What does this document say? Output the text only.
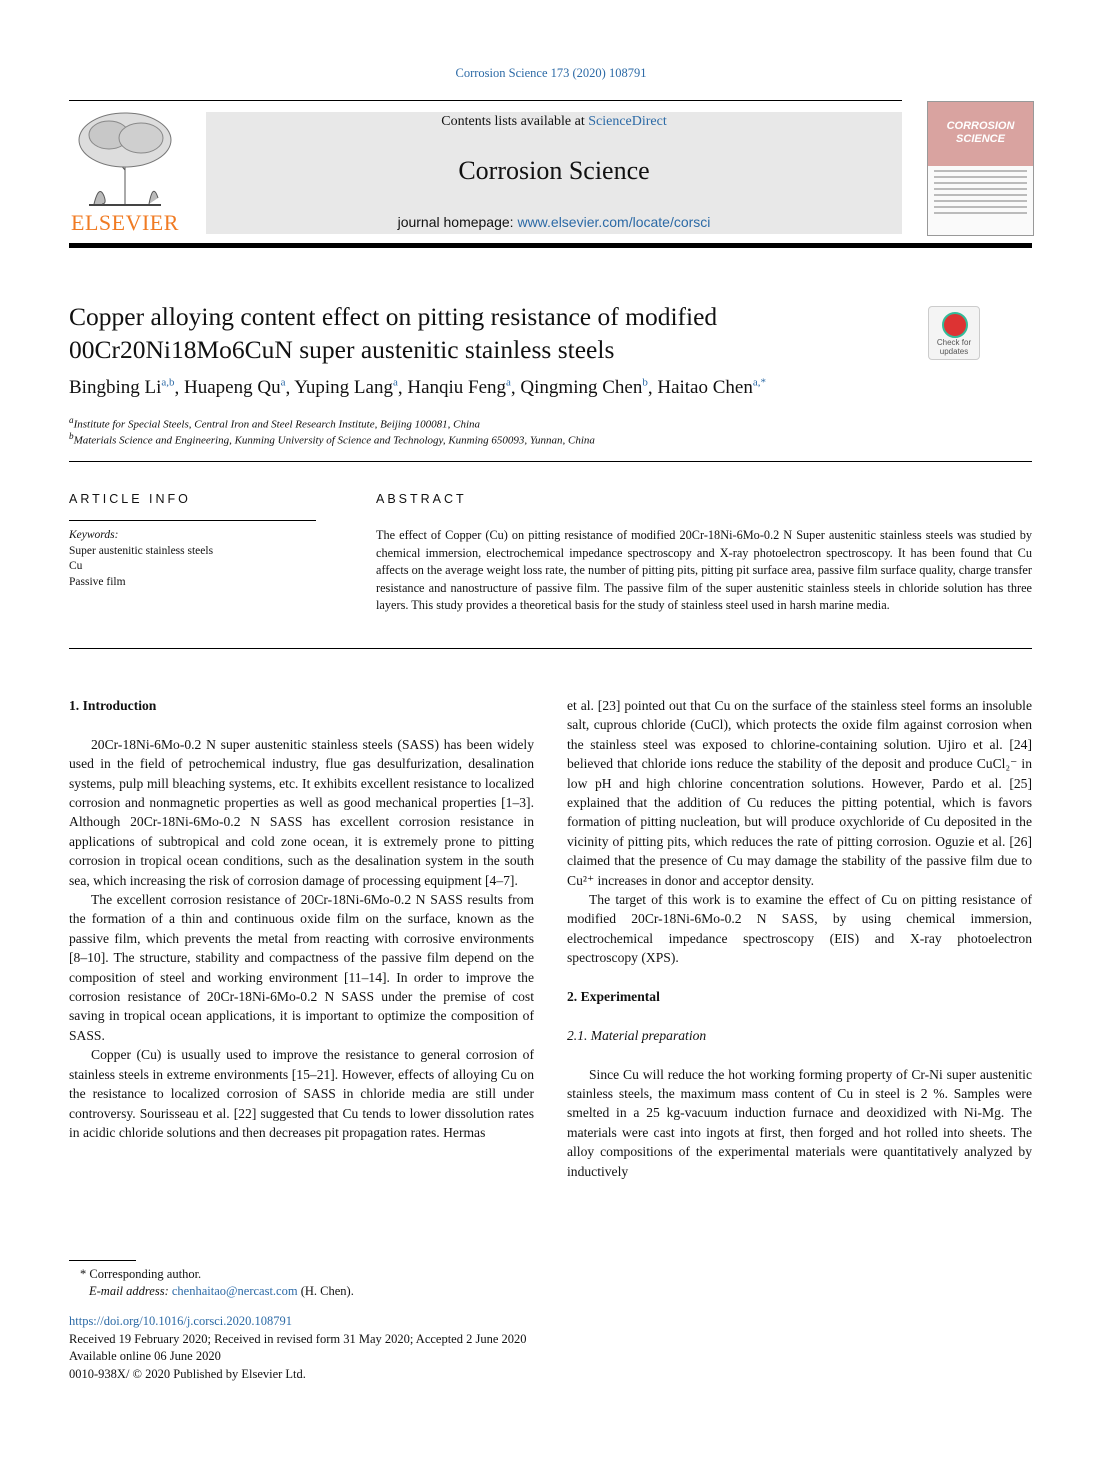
Corrosion Science 173 (2020) 108791
ELSEVIER
Contents lists available at ScienceDirect
Corrosion Science
journal homepage: www.elsevier.com/locate/corsci
CORROSION SCIENCE
Copper alloying content effect on pitting resistance of modified
00Cr20Ni18Mo6CuN super austenitic stainless steels	Check for
updates
Bingbing Li$^{a,b}$, Huapeng Qu$^a$, Yuping Lang$^a$, Hanqiu Feng$^a$, Qingming Chen$^b$, Haitao Chen$^{a,*}$
$^a$Institute for Special Steels, Central Iron and Steel Research Institute, Beijing 100081, China
$^b$Materials Science and Engineering, Kunming University of Science and Technology, Kunming 650093, Yunnan, China
ARTICLE INFO
Keywords:
Super austenitic stainless steels
Cu
Passive film
ABSTRACT
The effect of Copper (Cu) on pitting resistance of modified 20Cr-18Ni-6Mo-0.2 N Super austenitic stainless steels was studied by chemical immersion, electrochemical impedance spectroscopy and X-ray photoelectron spectroscopy. It has been found that Cu affects on the average weight loss rate, the number of pitting pits, pitting pit surface area, passive film surface quality, charge transfer resistance and nanostructure of passive film. The passive film of the super austenitic stainless steels in chloride solution has three layers. This study provides a theoretical basis for the study of stainless steel used in harsh marine media.
1. Introduction

20Cr-18Ni-6Mo-0.2 N super austenitic stainless steels (SASS) has been widely used in the field of petrochemical industry, flue gas desulfurization, desalination systems, pulp mill bleaching systems, etc. It exhibits excellent resistance to localized corrosion and nonmagnetic properties as well as good mechanical properties [1–3]. Although 20Cr-18Ni-6Mo-0.2 N SASS has excellent corrosion resistance in applications of subtropical and cold zone ocean, it is extremely prone to pitting corrosion in tropical ocean conditions, such as the desalination system in the south sea, which increasing the risk of corrosion damage of processing equipment [4–7].

The excellent corrosion resistance of 20Cr-18Ni-6Mo-0.2 N SASS results from the formation of a thin and continuous oxide film on the surface, known as the passive film, which prevents the metal from reacting with corrosive environments [8–10]. The structure, stability and compactness of the passive film depend on the composition of steel and working environment [11–14]. In order to improve the corrosion resistance of 20Cr-18Ni-6Mo-0.2 N SASS under the premise of cost saving in tropical ocean applications, it is important to optimize the composition of SASS.

Copper (Cu) is usually used to improve the resistance to general corrosion of stainless steels in extreme environments [15–21]. However, effects of alloying Cu on the resistance to localized corrosion of SASS in chloride media are still under controversy. Sourisseau et al. [22] suggested that Cu tends to lower dissolution rates in acidic chloride solutions and then decreases pit propagation rates. Hermas

et al. [23] pointed out that Cu on the surface of the stainless steel forms an insoluble salt, cuprous chloride (CuCl), which protects the oxide film against corrosion when the stainless steel was exposed to chlorine-containing solution. Ujiro et al. [24] believed that chloride ions reduce the stability of the deposit and produce CuCl₂⁻ in low pH and high chlorine concentration solutions. However, Pardo et al. [25] explained that the addition of Cu reduces the pitting potential, which is favors formation of pitting nucleation, but will produce oxychloride of Cu deposited in the vicinity of pitting pits, which reduces the rate of pitting corrosion. Oguzie et al. [26] claimed that the presence of Cu may damage the stability of the passive film due to Cu²⁺ increases in donor and acceptor density.

The target of this work is to examine the effect of Cu on pitting resistance of modified 20Cr-18Ni-6Mo-0.2 N SASS, by using chemical immersion, electrochemical impedance spectroscopy (EIS) and X-ray photoelectron spectroscopy (XPS).

2. Experimental
2.1. Material preparation

Since Cu will reduce the hot working forming property of Cr-Ni super austenitic stainless steels, the maximum mass content of Cu in steel is 2 %. Samples were smelted in a 25 kg-vacuum induction furnace and deoxidized with Ni-Mg. The materials were cast into ingots at first, then forged and hot rolled into sheets. The alloy compositions of the experimental materials were quantitatively analyzed by inductively

* Corresponding author.
E-mail address: chenhaitao@nercast.com (H. Chen).
https://doi.org/10.1016/j.corsci.2020.108791
Received 19 February 2020; Received in revised form 31 May 2020; Accepted 2 June 2020
Available online 06 June 2020
0010-938X/ © 2020 Published by Elsevier Ltd.
